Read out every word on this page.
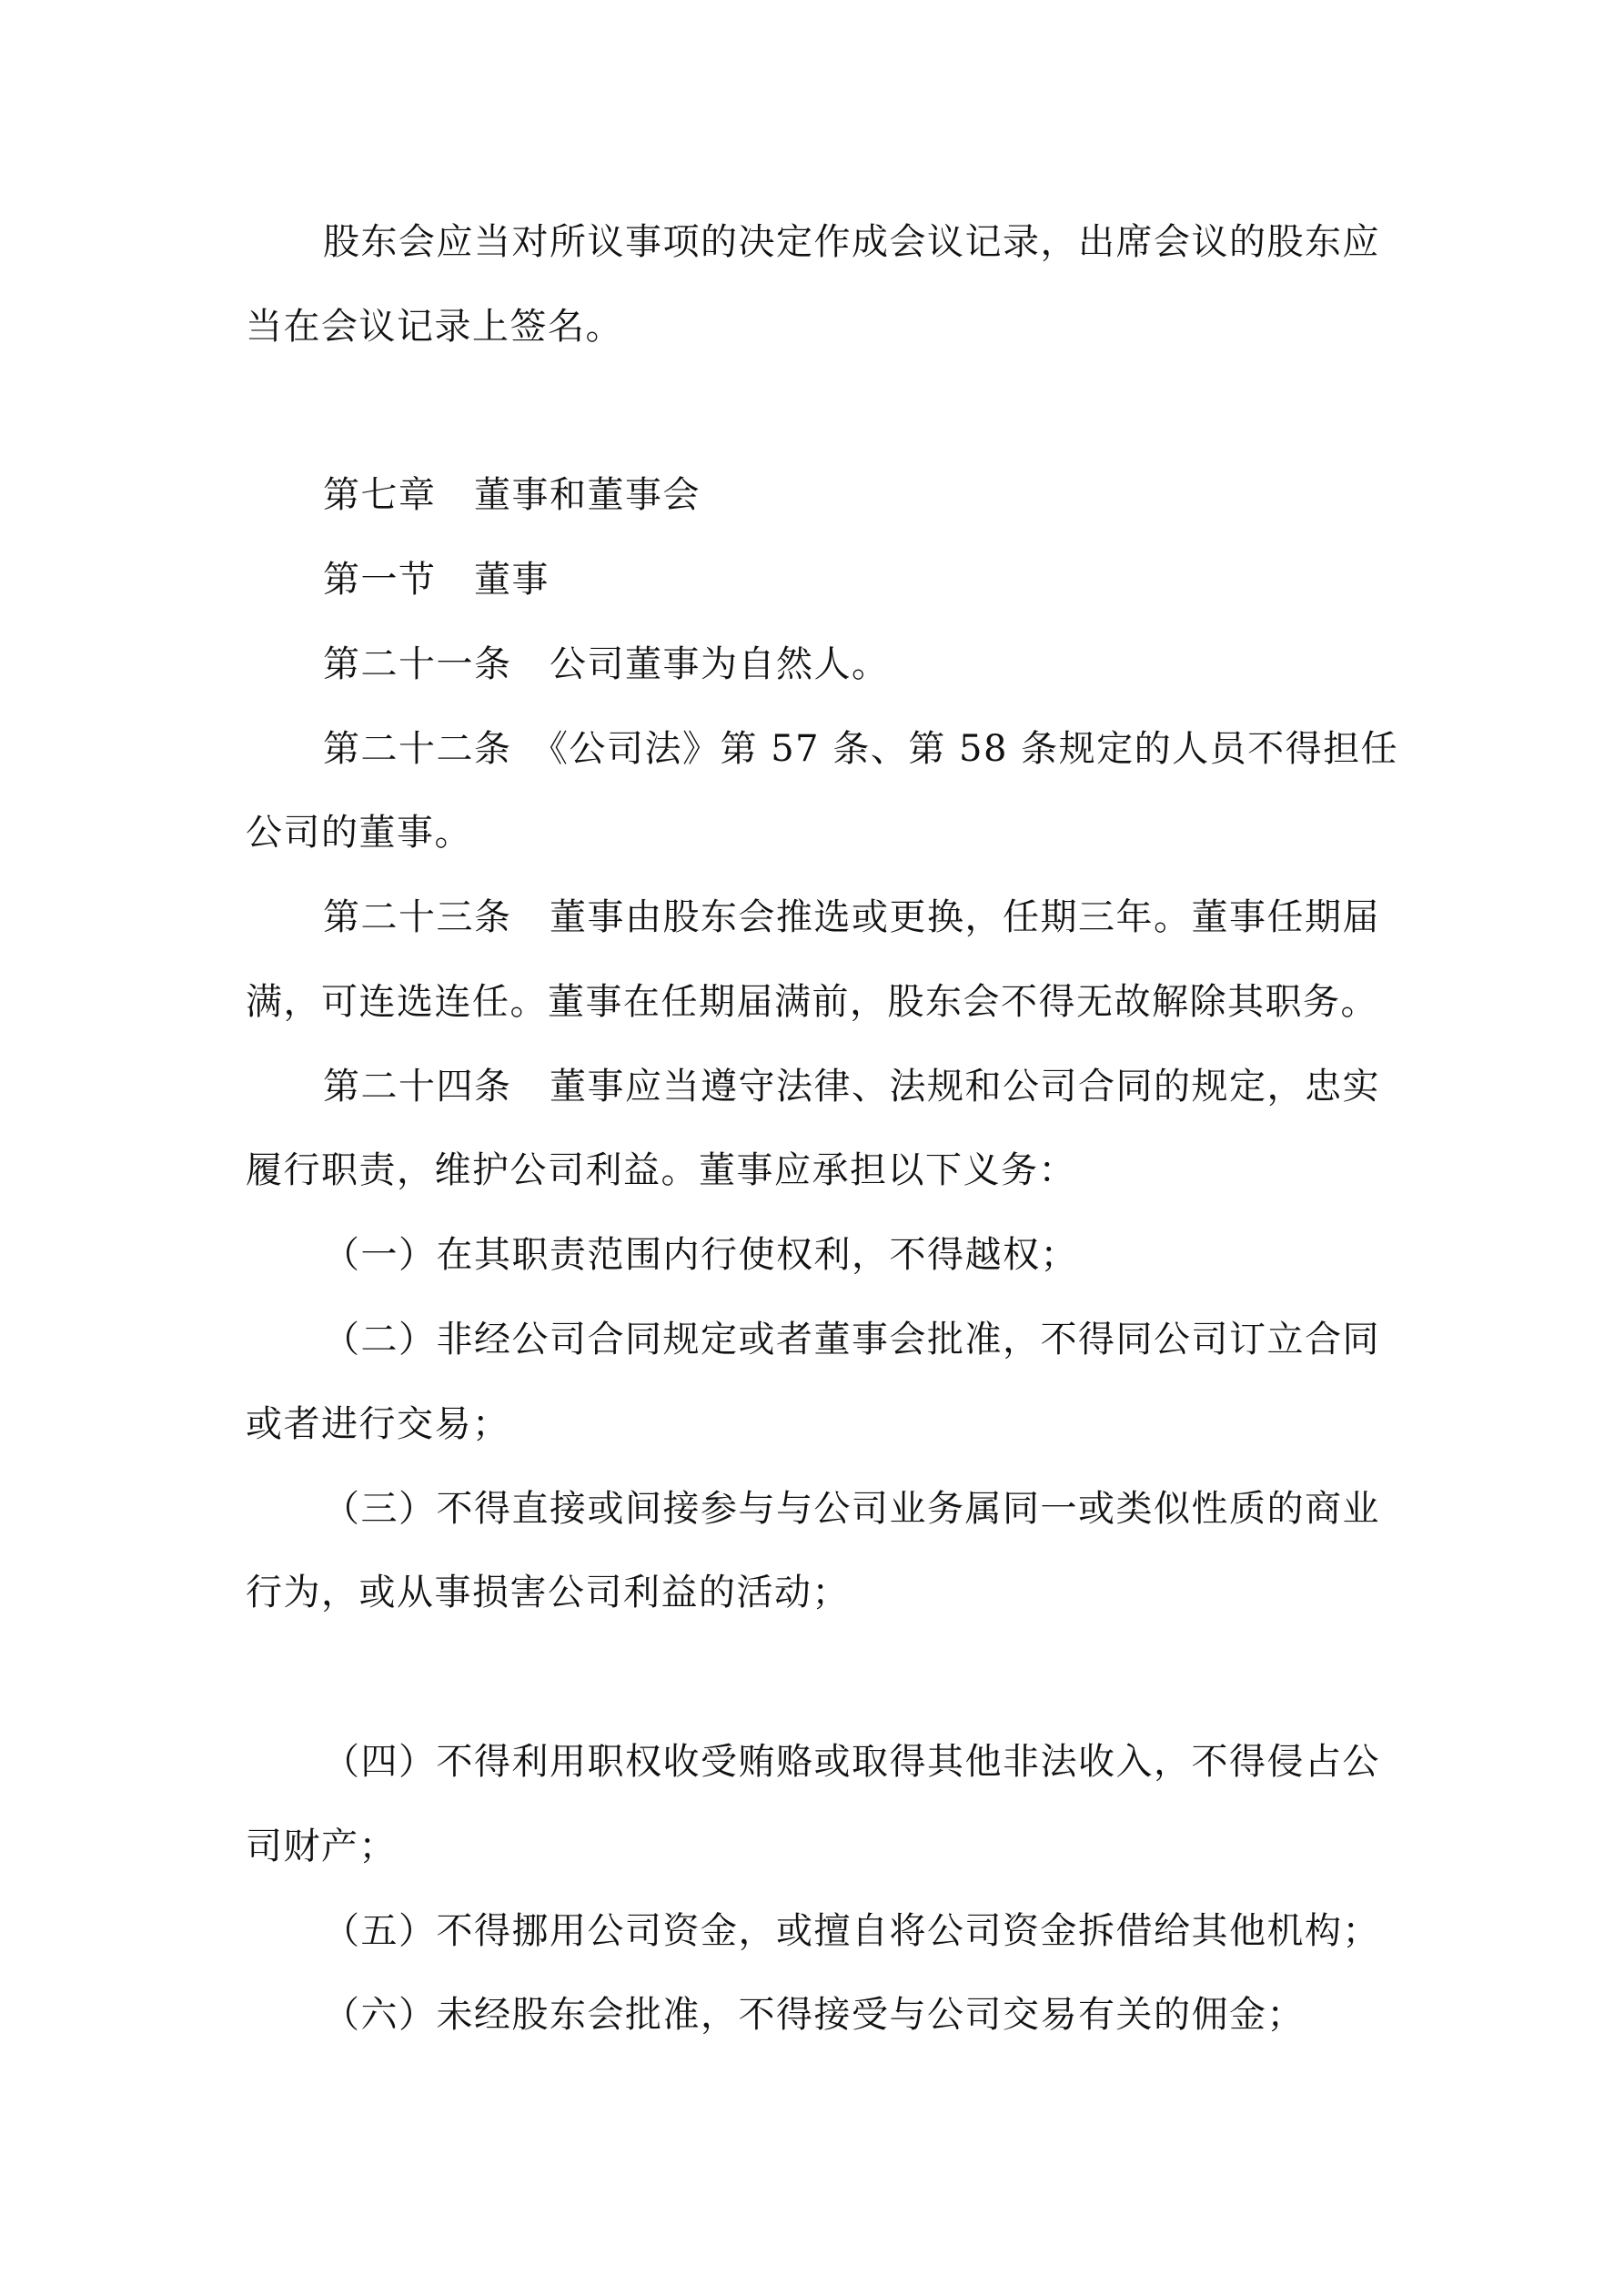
股东会应当对所议事项的决定作成会议记录，出席会议的股东应
当在会议记录上签名。
第七章　董事和董事会
第一节　董事
第二十一条　公司董事为自然人。
第二十二条　《公司法》第 57 条、第 58 条规定的人员不得担任
公司的董事。
第二十三条　董事由股东会推选或更换，任期三年。董事任期届
满，可连选连任。董事在任期届满前，股东会不得无故解除其职务。
第二十四条　董事应当遵守法律、法规和公司合同的规定，忠实
履行职责，维护公司利益。董事应承担以下义务：
（一）在其职责范围内行使权利，不得越权；
（二）非经公司合同规定或者董事会批准，不得同公司订立合同
或者进行交易；
（三）不得直接或间接参与与公司业务属同一或类似性质的商业
行为，或从事损害公司利益的活动；
（四）不得利用职权收受贿赂或取得其他非法收入，不得侵占公
司财产；
（五）不得挪用公司资金，或擅自将公司资金拆借给其他机构；
（六）未经股东会批准，不得接受与公司交易有关的佣金；
